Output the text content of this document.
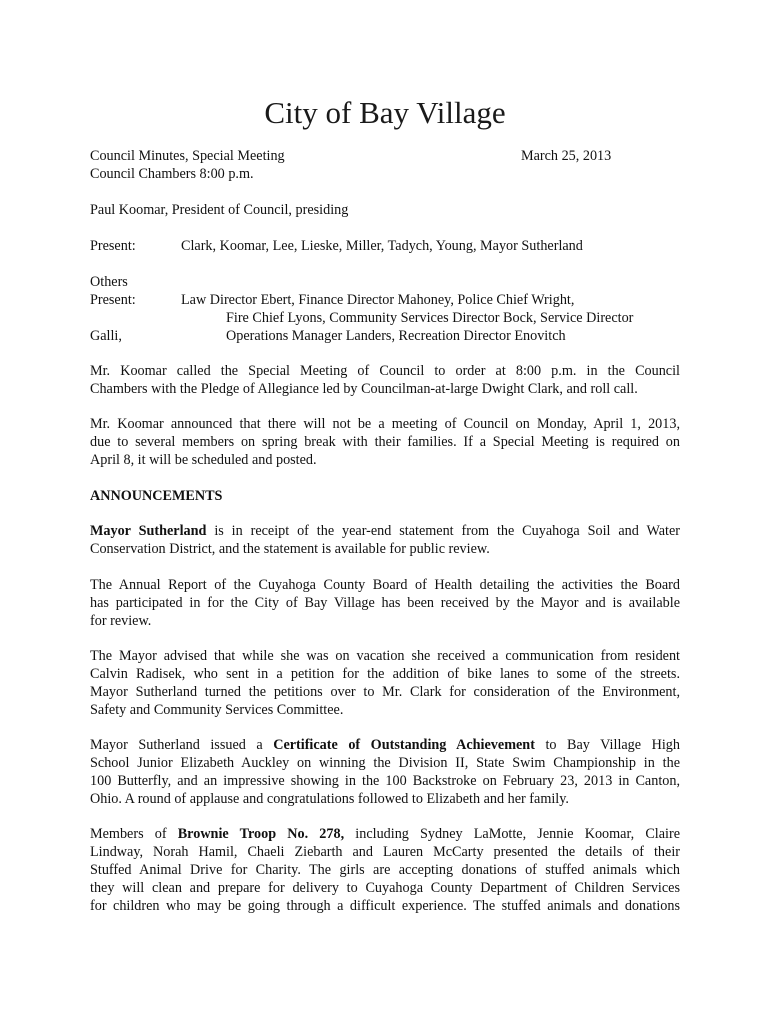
City of Bay Village
Council Minutes, Special Meeting	March 25, 2013
Council Chambers 8:00 p.m.
Paul Koomar, President of Council, presiding
Present:	Clark, Koomar, Lee, Lieske, Miller, Tadych, Young, Mayor Sutherland
Others
Present:
Galli,
Law Director Ebert, Finance Director Mahoney, Police Chief Wright,
Fire Chief Lyons, Community Services Director Bock, Service Director
Operations Manager Landers, Recreation Director Enovitch
Mr. Koomar called the Special Meeting of Council to order at 8:00 p.m. in the Council
Chambers with the Pledge of Allegiance led by Councilman-at-large Dwight Clark, and roll call.
Mr. Koomar announced that there will not be a meeting of Council on Monday, April 1, 2013,
due to several members on spring break with their families. If a Special Meeting is required on
April 8, it will be scheduled and posted.
ANNOUNCEMENTS
Mayor Sutherland is in receipt of the year-end statement from the Cuyahoga Soil and Water
Conservation District, and the statement is available for public review.
The Annual Report of the Cuyahoga County Board of Health detailing the activities the Board
has participated in for the City of Bay Village has been received by the Mayor and is available
for review.
The Mayor advised that while she was on vacation she received a communication from resident
Calvin Radisek, who sent in a petition for the addition of bike lanes to some of the streets.
Mayor Sutherland turned the petitions over to Mr. Clark for consideration of the Environment,
Safety and Community Services Committee.
Mayor Sutherland issued a Certificate of Outstanding Achievement to Bay Village High
School Junior Elizabeth Auckley on winning the Division II, State Swim Championship in the
100 Butterfly, and an impressive showing in the 100 Backstroke on February 23, 2013 in Canton,
Ohio. A round of applause and congratulations followed to Elizabeth and her family.
Members of Brownie Troop No. 278, including Sydney LaMotte, Jennie Koomar, Claire
Lindway, Norah Hamil, Chaeli Ziebarth and Lauren McCarty presented the details of their
Stuffed Animal Drive for Charity. The girls are accepting donations of stuffed animals which
they will clean and prepare for delivery to Cuyahoga County Department of Children Services
for children who may be going through a difficult experience. The stuffed animals and donations
